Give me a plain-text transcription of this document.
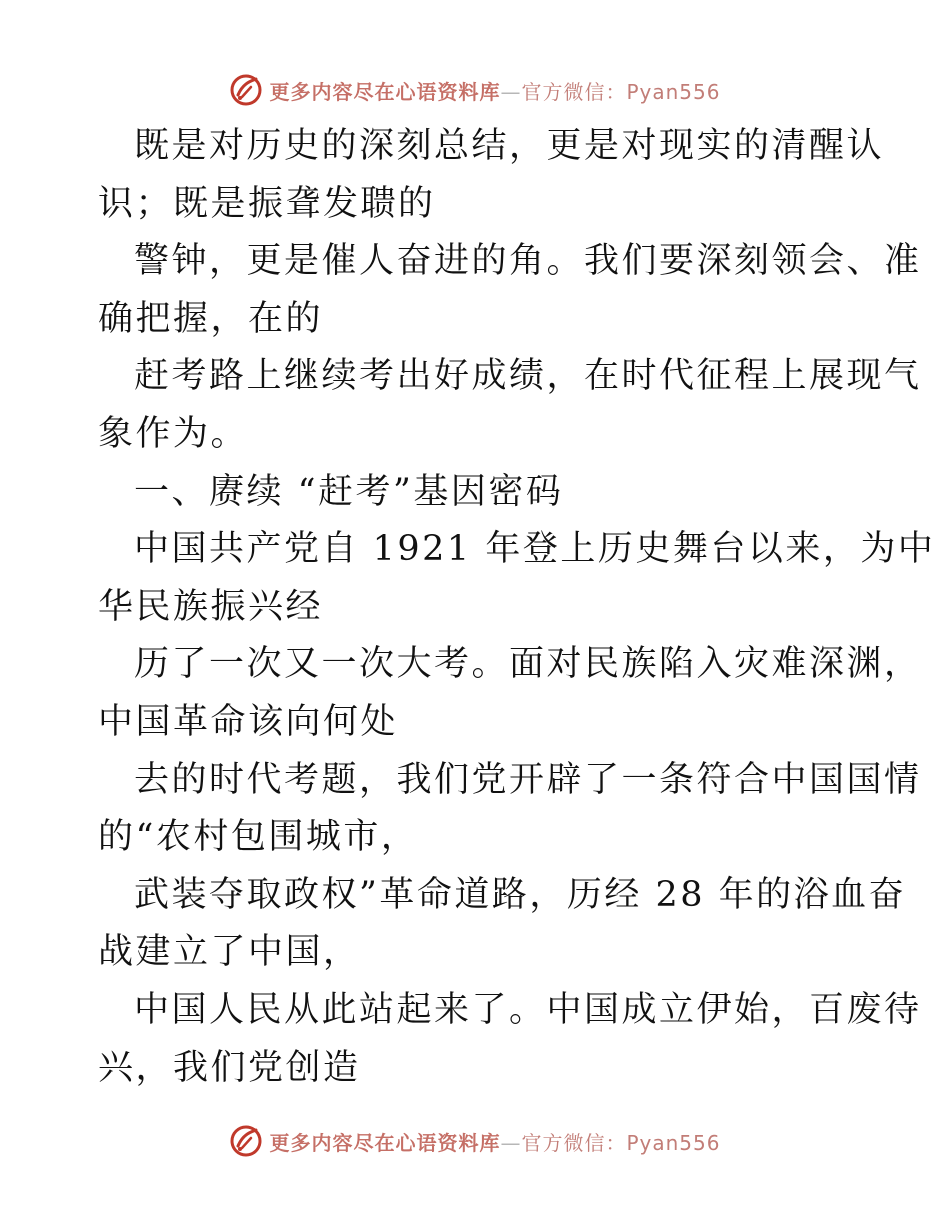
更多内容尽在心语资料库—官方微信：Pyan556

既是对历史的深刻总结，更是对现实的清醒认
识；既是振聋发聩的

警钟，更是催人奋进的角。我们要深刻领会、准
确把握，在的

赶考路上继续考出好成绩，在时代征程上展现气
象作为。

一、赓续 “赶考”基因密码

中国共产党自 1921 年登上历史舞台以来，为中
华民族振兴经

历了一次又一次大考。面对民族陷入灾难深渊，
中国革命该向何处

去的时代考题，我们党开辟了一条符合中国国情
的“农村包围城市，

武装夺取政权”革命道路，历经 28 年的浴血奋
战建立了中国，

中国人民从此站起来了。中国成立伊始，百废待
兴，我们党创造

更多内容尽在心语资料库—官方微信：Pyan556
